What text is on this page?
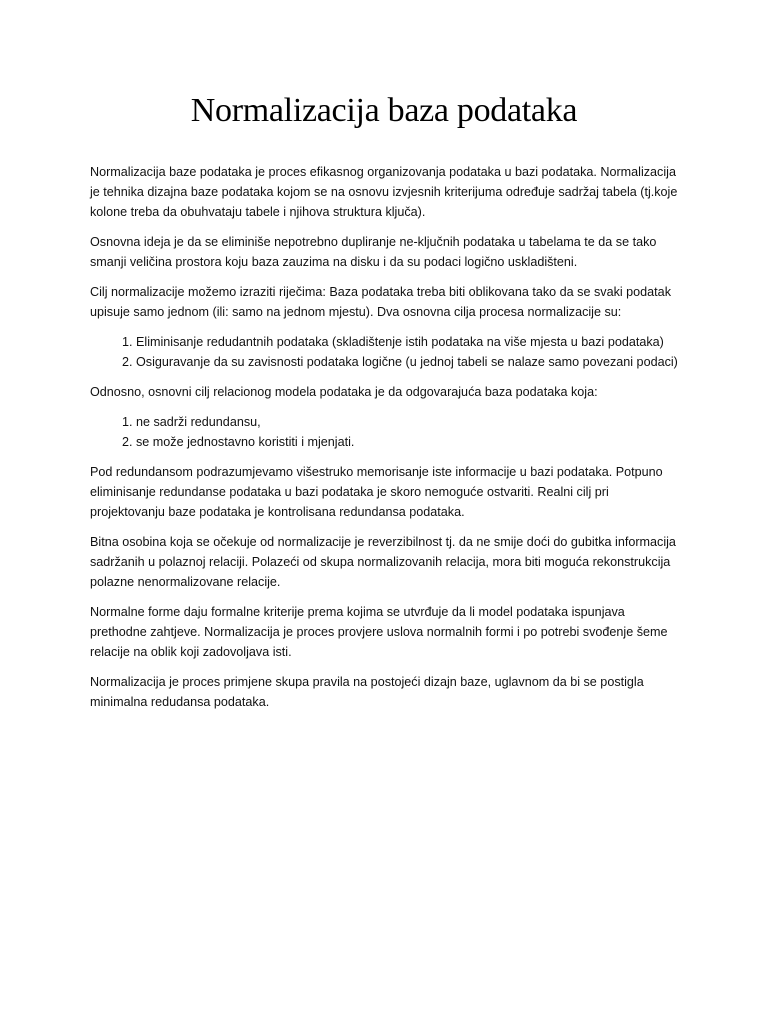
Normalizacija baza podataka

Normalizacija baze podataka je proces efikasnog organizovanja podataka u bazi podataka. Normalizacija je tehnika dizajna baze podataka kojom se na osnovu izvjesnih kriterijuma određuje sadržaj tabela (tj.koje kolone treba da obuhvataju tabele i njihova struktura ključa).

Osnovna ideja je da se eliminiše nepotrebno dupliranje ne-ključnih podataka u tabelama te da se tako smanji veličina prostora koju baza zauzima na disku i da su podaci logično uskladišteni.

Cilj normalizacije možemo izraziti riječima: Baza podataka treba biti oblikovana tako da se svaki podatak upisuje samo jednom (ili: samo na jednom mjestu). Dva osnovna cilja procesa normalizacije su:

1. Eliminisanje redudantnih podataka (skladištenje istih podataka na više mjesta u bazi podataka)
2. Osiguravanje da su zavisnosti podataka logične (u jednoj tabeli se nalaze samo povezani podaci)

Odnosno, osnovni cilj relacionog modela podataka je da odgovarajuća baza podataka koja:

1. ne sadrži redundansu,
2. se može jednostavno koristiti i mjenjati.

Pod redundansom podrazumjevamo višestruko memorisanje iste informacije u bazi podataka. Potpuno eliminisanje redundanse podataka u bazi podataka je skoro nemoguće ostvariti. Realni cilj pri projektovanju baze podataka je kontrolisana redundansa podataka.

Bitna osobina koja se očekuje od normalizacije je reverzibilnost tj. da ne smije doći do gubitka informacija sadržanih u polaznoj relaciji. Polazeći od skupa normalizovanih relacija, mora biti moguća rekonstrukcija polazne nenormalizovane relacije.

Normalne forme daju formalne kriterije prema kojima se utvrđuje da li model podataka ispunjava prethodne zahtjeve. Normalizacija je proces provjere uslova normalnih formi i po potrebi svođenje šeme relacije na oblik koji zadovoljava isti.

Normalizacija je proces primjene skupa pravila na postojeći dizajn baze, uglavnom da bi se postigla minimalna redudansa podataka.
